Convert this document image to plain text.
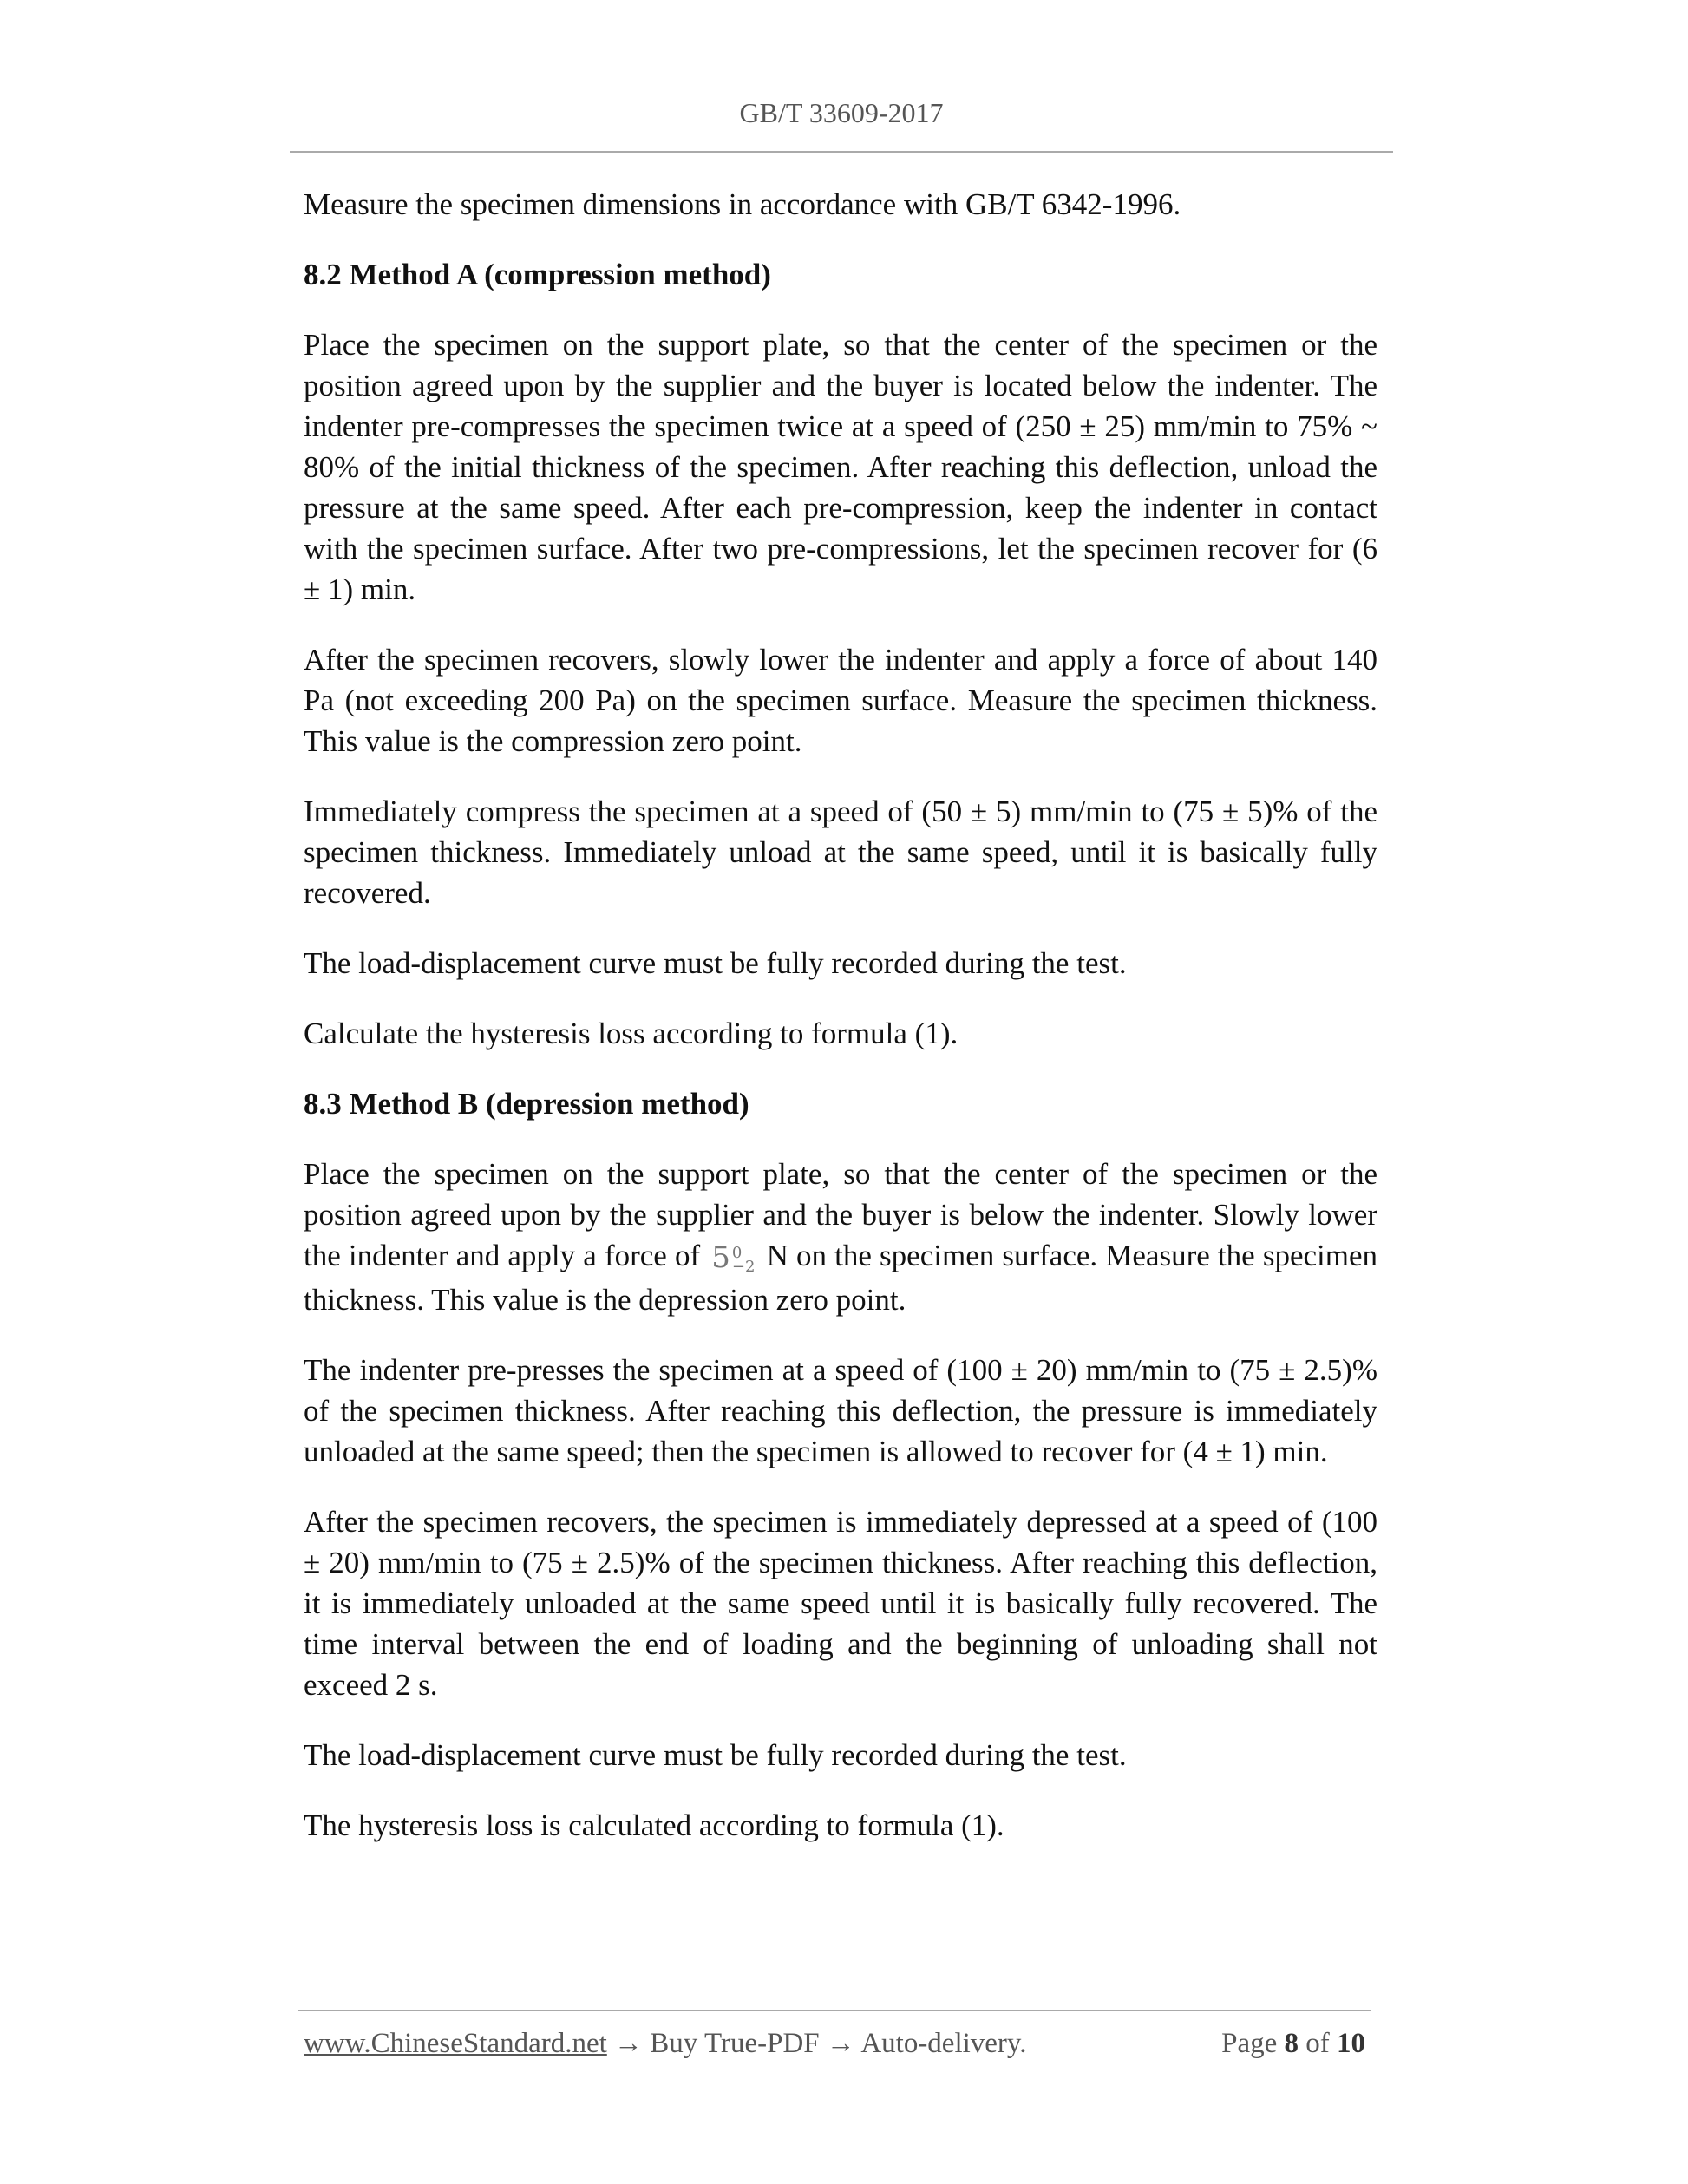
GB/T 33609-2017

Measure the specimen dimensions in accordance with GB/T 6342-1996.

8.2 Method A (compression method)

Place the specimen on the support plate, so that the center of the specimen or the position agreed upon by the supplier and the buyer is located below the indenter. The indenter pre-compresses the specimen twice at a speed of (250 ± 25) mm/min to 75% ~ 80% of the initial thickness of the specimen. After reaching this deflection, unload the pressure at the same speed. After each pre-compression, keep the indenter in contact with the specimen surface. After two pre-compressions, let the specimen recover for (6 ± 1) min.

After the specimen recovers, slowly lower the indenter and apply a force of about 140 Pa (not exceeding 200 Pa) on the specimen surface. Measure the specimen thickness. This value is the compression zero point.

Immediately compress the specimen at a speed of (50 ± 5) mm/min to (75 ± 5)% of the specimen thickness. Immediately unload at the same speed, until it is basically fully recovered.

The load-displacement curve must be fully recorded during the test.

Calculate the hysteresis loss according to formula (1).

8.3 Method B (depression method)

Place the specimen on the support plate, so that the center of the specimen or the position agreed upon by the supplier and the buyer is below the indenter. Slowly lower the indenter and apply a force of 5 0
−2 N on the specimen surface. Measure the specimen thickness. This value is the depression zero point.

The indenter pre-presses the specimen at a speed of (100 ± 20) mm/min to (75 ± 2.5)% of the specimen thickness. After reaching this deflection, the pressure is immediately unloaded at the same speed; then the specimen is allowed to recover for (4 ± 1) min.

After the specimen recovers, the specimen is immediately depressed at a speed of (100 ± 20) mm/min to (75 ± 2.5)% of the specimen thickness. After reaching this deflection, it is immediately unloaded at the same speed until it is basically fully recovered. The time interval between the end of loading and the beginning of unloading shall not exceed 2 s.

The load-displacement curve must be fully recorded during the test.

The hysteresis loss is calculated according to formula (1).

www.ChineseStandard.net → Buy True-PDF → Auto-delivery.	Page 8 of 10
